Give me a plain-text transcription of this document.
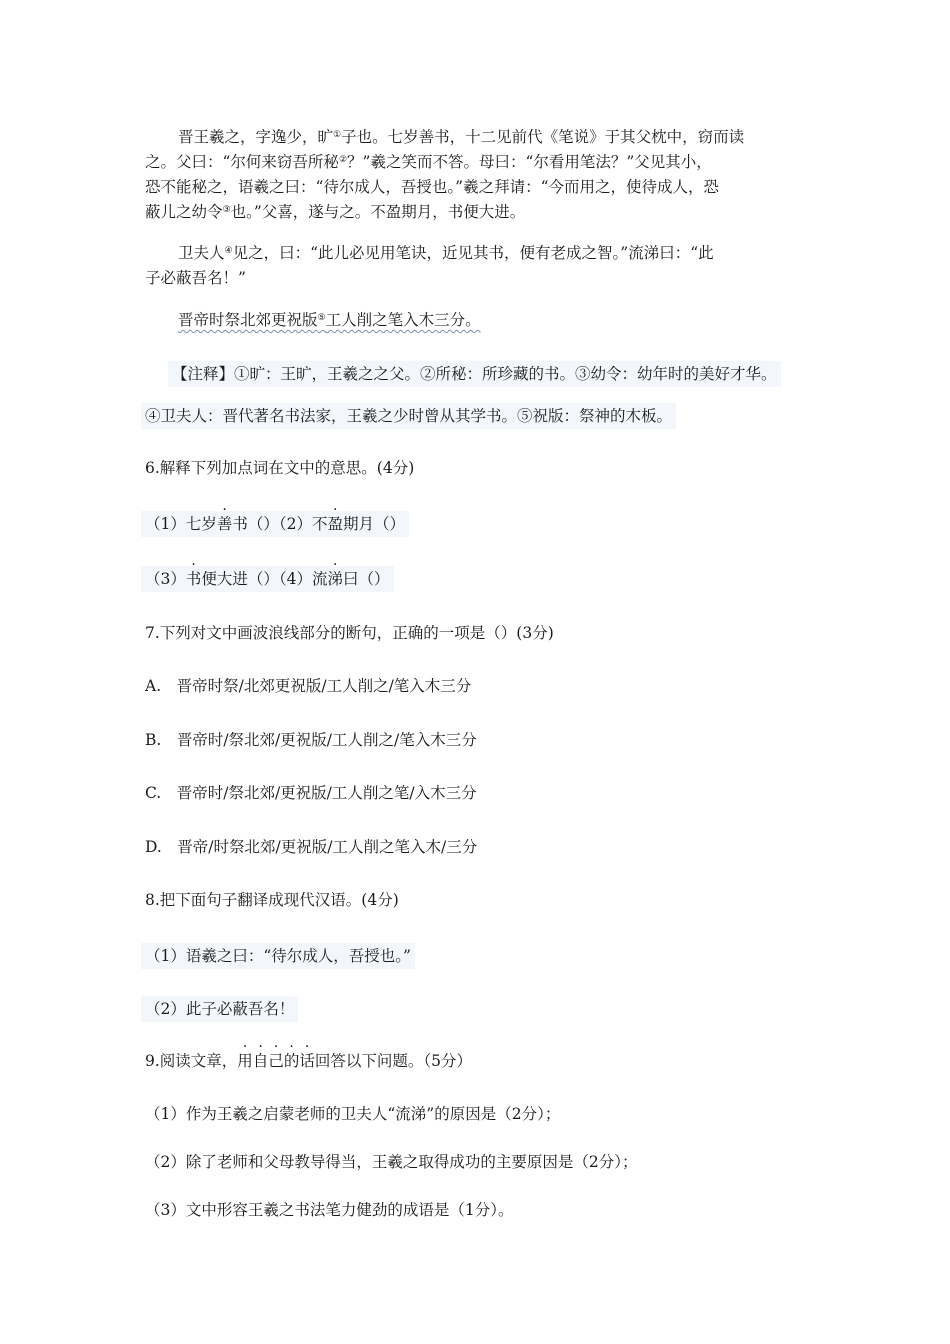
晋王羲之，字逸少，旷①子也。七岁善书，十二见前代《笔说》于其父枕中，窃而读
之。父曰：“尔何来窃吾所秘②？”羲之笑而不答。母曰：“尔看用笔法？”父见其小，
恐不能秘之，语羲之曰：“待尔成人，吾授也。”羲之拜请：“今而用之，使待成人，恐
蔽儿之幼令③也。”父喜，遂与之。不盈期月，书便大进。
卫夫人④见之，曰：“此儿必见用笔诀，近见其书，便有老成之智。”流涕曰：“此
子必蔽吾名！”
晋帝时祭北郊更祝版⑤工人削之笔入木三分。
【注释】①旷：王旷，王羲之之父。②所秘：所珍藏的书。③幼令：幼年时的美好才华。
④卫夫人：晋代著名书法家，王羲之少时曾从其学书。⑤祝版：祭神的木板。
6.解释下列加点词在文中的意思。(4分)
（1）七岁善书（）（2）不盈期月（）
（3）书便大进（）（4）流涕曰（）
7.下列对文中画波浪线部分的断句，正确的一项是（）(3分)
A.　晋帝时祭/北郊更祝版/工人削之/笔入木三分
B.　晋帝时/祭北郊/更祝版/工人削之/笔入木三分
C.　晋帝时/祭北郊/更祝版/工人削之笔/入木三分
D.　晋帝/时祭北郊/更祝版/工人削之笔入木/三分
8.把下面句子翻译成现代汉语。(4分)
（1）语羲之曰：“待尔成人，吾授也。”
（2）此子必蔽吾名！
9.阅读文章，用自己的话回答以下问题。（5分）
（1）作为王羲之启蒙老师的卫夫人“流涕”的原因是（2分）；
（2）除了老师和父母教导得当，王羲之取得成功的主要原因是（2分）；
（3）文中形容王羲之书法笔力健劲的成语是（1分）。
